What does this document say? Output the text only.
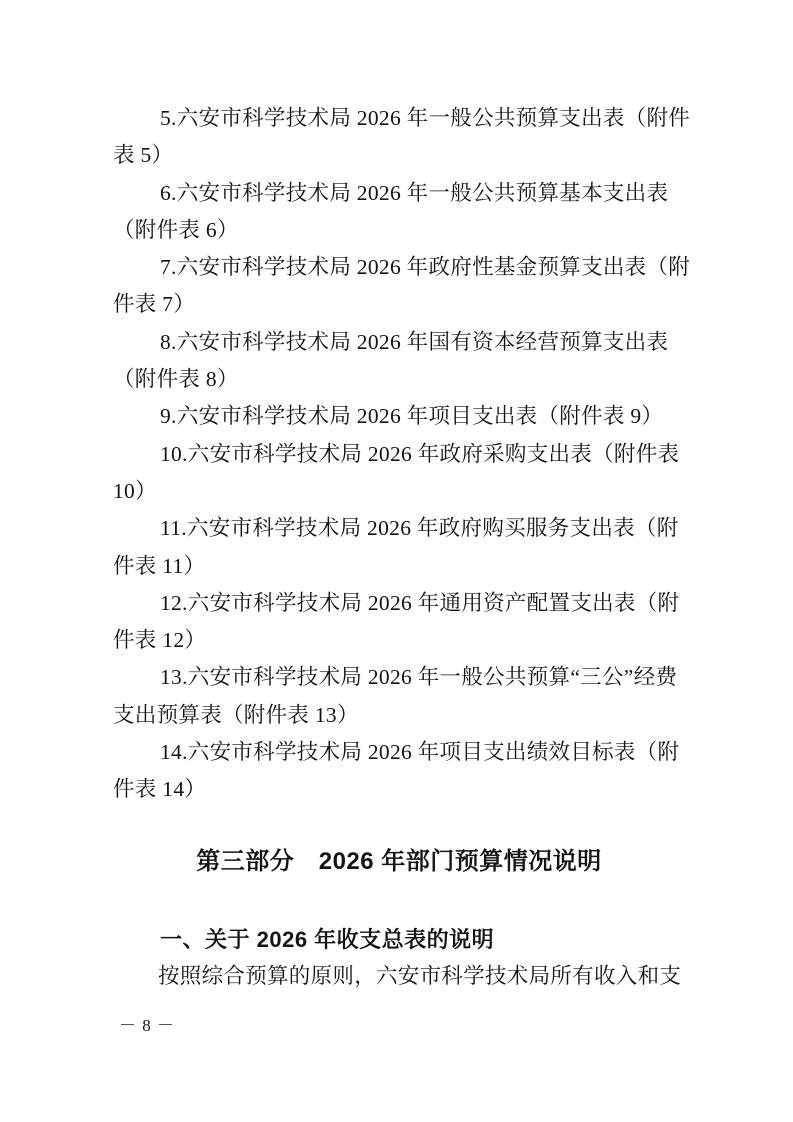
5.六安市科学技术局 2026 年一般公共预算支出表（附件
表 5）
6.六安市科学技术局 2026 年一般公共预算基本支出表
（附件表 6）
7.六安市科学技术局 2026 年政府性基金预算支出表（附
件表 7）
8.六安市科学技术局 2026 年国有资本经营预算支出表
（附件表 8）
9.六安市科学技术局 2026 年项目支出表（附件表 9）
10.六安市科学技术局 2026 年政府采购支出表（附件表
10）
11.六安市科学技术局 2026 年政府购买服务支出表（附
件表 11）
12.六安市科学技术局 2026 年通用资产配置支出表（附
件表 12）
13.六安市科学技术局 2026 年一般公共预算“三公”经费
支出预算表（附件表 13）
14.六安市科学技术局 2026 年项目支出绩效目标表（附
件表 14）
第三部分　2026 年部门预算情况说明
一、关于 2026 年收支总表的说明
按照综合预算的原则，六安市科学技术局所有收入和支
－ 8 －
